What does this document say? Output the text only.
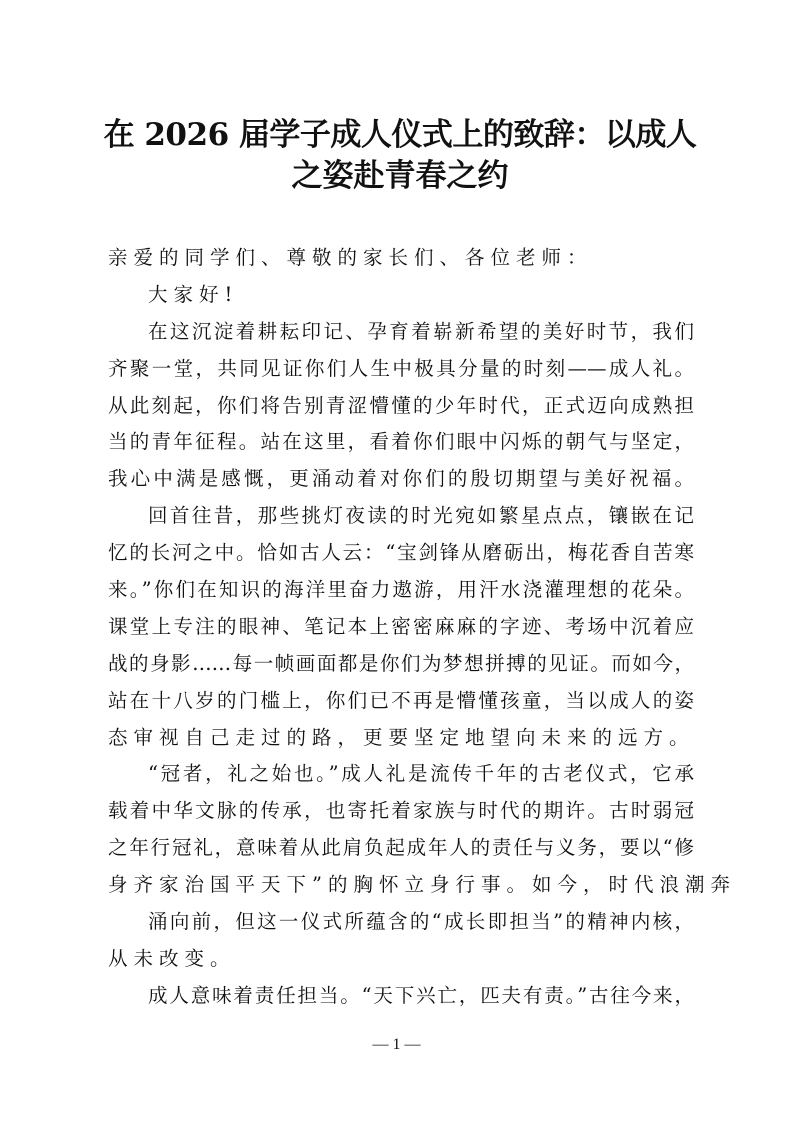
在 2026 届学子成人仪式上的致辞：以成人
之姿赴青春之约
亲爱的同学们、尊敬的家长们、各位老师：
大家好!
在这沉淀着耕耘印记、孕育着崭新希望的美好时节，我们
齐聚一堂，共同见证你们人生中极具分量的时刻——成人礼。
从此刻起，你们将告别青涩懵懂的少年时代，正式迈向成熟担
当的青年征程。站在这里，看着你们眼中闪烁的朝气与坚定，
我心中满是感慨，更涌动着对你们的殷切期望与美好祝福。
回首往昔，那些挑灯夜读的时光宛如繁星点点，镶嵌在记
忆的长河之中。恰如古人云：“宝剑锋从磨砺出，梅花香自苦寒
来。”你们在知识的海洋里奋力遨游，用汗水浇灌理想的花朵。
课堂上专注的眼神、笔记本上密密麻麻的字迹、考场中沉着应
战的身影……每一帧画面都是你们为梦想拼搏的见证。而如今，
站在十八岁的门槛上，你们已不再是懵懂孩童，当以成人的姿
态审视自己走过的路，更要坚定地望向未来的远方。
“冠者，礼之始也。”成人礼是流传千年的古老仪式，它承
载着中华文脉的传承，也寄托着家族与时代的期许。古时弱冠
之年行冠礼，意味着从此肩负起成年人的责任与义务，要以“修
身齐家治国平天下”的胸怀立身行事。如今，时代浪潮奔
涌向前，但这一仪式所蕴含的“成长即担当”的精神内核，
从未改变。
成人意味着责任担当。“天下兴亡，匹夫有责。”古往今来，
— 1 —
